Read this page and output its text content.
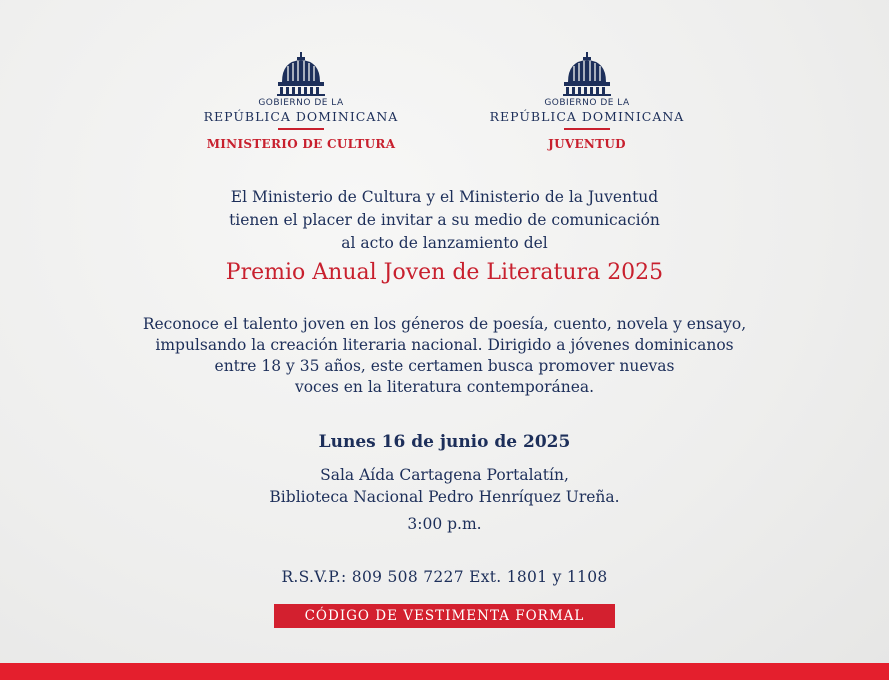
GOBIERNO DE LA
REPÚBLICA DOMINICANA
MINISTERIO DE CULTURA
GOBIERNO DE LA
REPÚBLICA DOMINICANA
JUVENTUD
El Ministerio de Cultura y el Ministerio de la Juventud
tienen el placer de invitar a su medio de comunicación
al acto de lanzamiento del
Premio Anual Joven de Literatura 2025
Reconoce el talento joven en los géneros de poesía, cuento, novela y ensayo,
impulsando la creación literaria nacional. Dirigido a jóvenes dominicanos
entre 18 y 35 años, este certamen busca promover nuevas
voces en la literatura contemporánea.
Lunes 16 de junio de 2025
Sala Aída Cartagena Portalatín,
Biblioteca Nacional Pedro Henríquez Ureña.
3:00 p.m.
R.S.V.P.: 809 508 7227 Ext. 1801 y 1108
CÓDIGO DE VESTIMENTA FORMAL
